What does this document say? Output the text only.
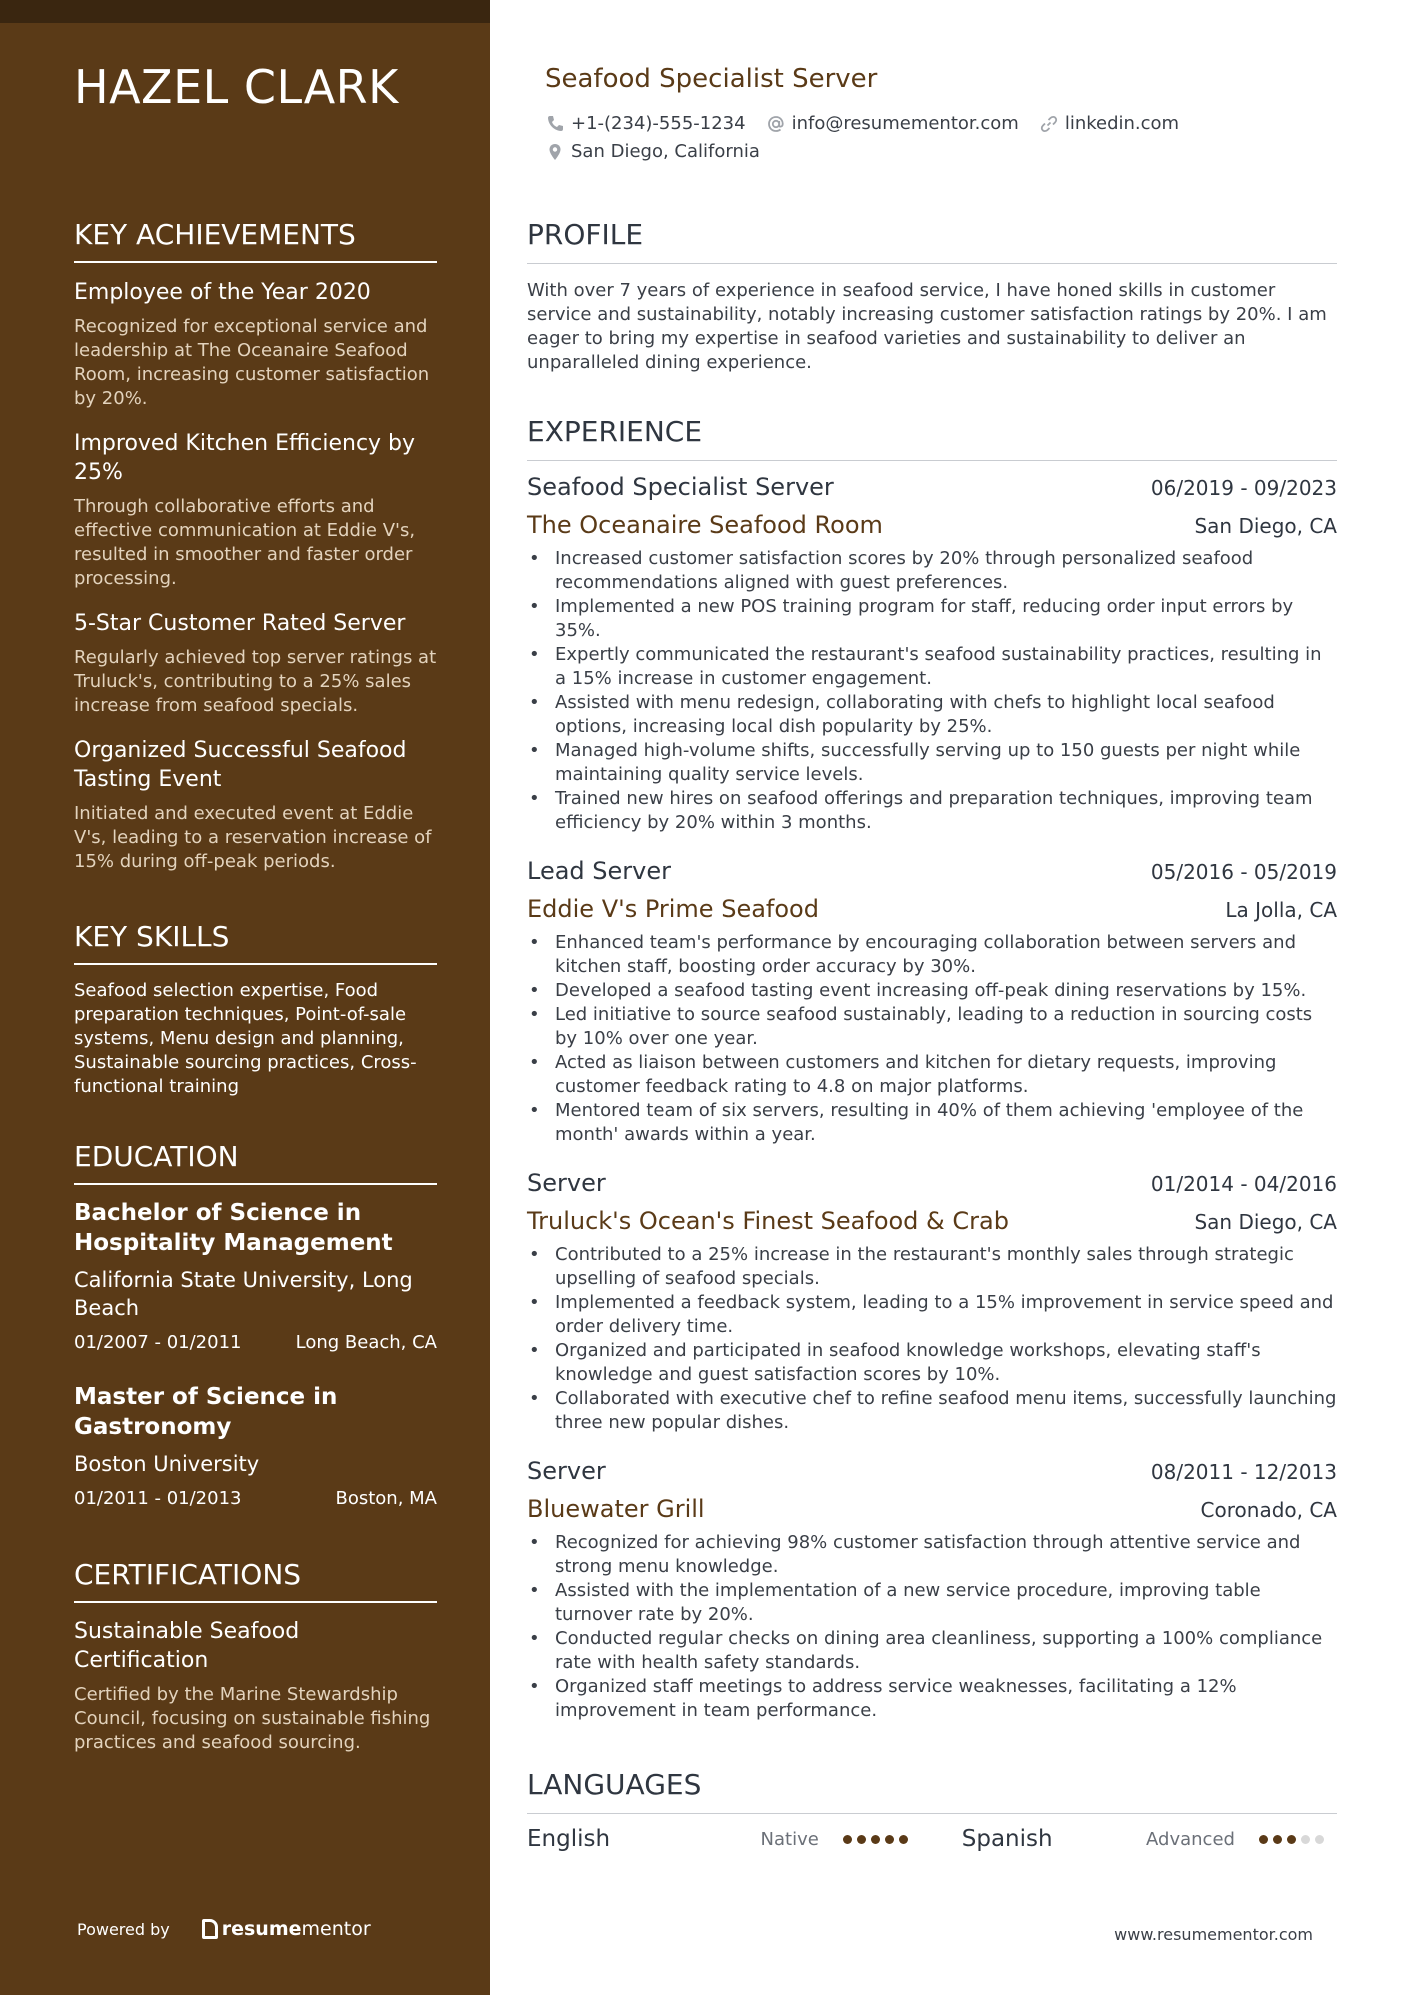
HAZEL CLARK
KEY ACHIEVEMENTS
Employee of the Year 2020
Recognized for exceptional service and leadership at The Oceanaire Seafood Room, increasing customer satisfaction by 20%.
Improved Kitchen Efficiency by 25%
Through collaborative efforts and effective communication at Eddie V's, resulted in smoother and faster order processing.
5-Star Customer Rated Server
Regularly achieved top server ratings at Truluck's, contributing to a 25% sales increase from seafood specials.
Organized Successful Seafood Tasting Event
Initiated and executed event at Eddie V's, leading to a reservation increase of 15% during off-peak periods.
KEY SKILLS
Seafood selection expertise, Food preparation techniques, Point-of-sale systems, Menu design and planning, Sustainable sourcing practices, Cross-functional training
EDUCATION
Bachelor of Science in Hospitality Management
California State University, Long Beach
01/2007 - 01/2011	Long Beach, CA
Master of Science in Gastronomy
Boston University
01/2011 - 01/2013	Boston, MA
CERTIFICATIONS
Sustainable Seafood Certification
Certified by the Marine Stewardship Council, focusing on sustainable fishing practices and seafood sourcing.
Powered by	resume mentor
Seafood Specialist Server
+1-(234)-555-1234	info@resumementor.com	linkedin.com
San Diego, California
PROFILE
With over 7 years of experience in seafood service, I have honed skills in customer service and sustainability, notably increasing customer satisfaction ratings by 20%. I am eager to bring my expertise in seafood varieties and sustainability to deliver an unparalleled dining experience.
EXPERIENCE
Seafood Specialist Server	06/2019 - 09/2023
The Oceanaire Seafood Room	San Diego, CA
• Increased customer satisfaction scores by 20% through personalized seafood recommendations aligned with guest preferences.
• Implemented a new POS training program for staff, reducing order input errors by 35%.
• Expertly communicated the restaurant's seafood sustainability practices, resulting in a 15% increase in customer engagement.
• Assisted with menu redesign, collaborating with chefs to highlight local seafood options, increasing local dish popularity by 25%.
• Managed high-volume shifts, successfully serving up to 150 guests per night while maintaining quality service levels.
• Trained new hires on seafood offerings and preparation techniques, improving team efficiency by 20% within 3 months.
Lead Server	05/2016 - 05/2019
Eddie V's Prime Seafood	La Jolla, CA
• Enhanced team's performance by encouraging collaboration between servers and kitchen staff, boosting order accuracy by 30%.
• Developed a seafood tasting event increasing off-peak dining reservations by 15%.
• Led initiative to source seafood sustainably, leading to a reduction in sourcing costs by 10% over one year.
• Acted as liaison between customers and kitchen for dietary requests, improving customer feedback rating to 4.8 on major platforms.
• Mentored team of six servers, resulting in 40% of them achieving 'employee of the month' awards within a year.
Server	01/2014 - 04/2016
Truluck's Ocean's Finest Seafood & Crab	San Diego, CA
• Contributed to a 25% increase in the restaurant's monthly sales through strategic upselling of seafood specials.
• Implemented a feedback system, leading to a 15% improvement in service speed and order delivery time.
• Organized and participated in seafood knowledge workshops, elevating staff's knowledge and guest satisfaction scores by 10%.
• Collaborated with executive chef to refine seafood menu items, successfully launching three new popular dishes.
Server	08/2011 - 12/2013
Bluewater Grill	Coronado, CA
• Recognized for achieving 98% customer satisfaction through attentive service and strong menu knowledge.
• Assisted with the implementation of a new service procedure, improving table turnover rate by 20%.
• Conducted regular checks on dining area cleanliness, supporting a 100% compliance rate with health safety standards.
• Organized staff meetings to address service weaknesses, facilitating a 12% improvement in team performance.
LANGUAGES
English	Native	Spanish	Advanced
www.resumementor.com
